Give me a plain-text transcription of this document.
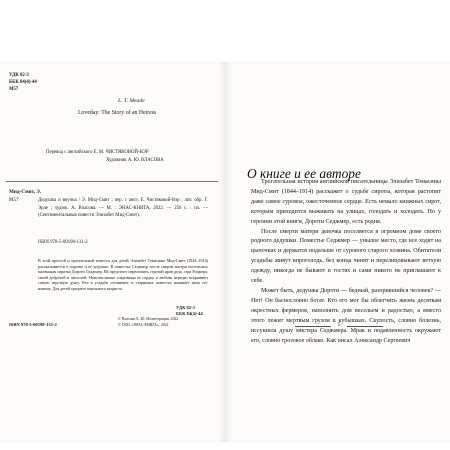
УДК 82-3
ББК 84(4)-44
М57
L. T. Meade
Loveday: The Story of an Heiress
Перевод с английского Е. М. ЧИСТЯКОВОЙ-ВЭР
Художник А. Ю. ВЛАСОВА
Мид-Смит, Э.
М57	Дедушка и внучка / Э. Мид-Смит ; пер. с англ. Е. Чистяковой-Вэр ; лит. обр. Г. Эрле ; худож. А. Власова. — М. : ЭНАС-КНИГА, 2022. — 256 с. : ил. — (Сентиментальные повести Элизабет Мид-Смит).
ISBN 978-5-00198-131-2
В этой простой и трогательной повести для детей Элизабет Томасины Мид-Смит (1844–1914) рассказывается о сиротке и ее дедушке. В поместье Седжмур после смерти матери поселилась маленькая сиротка Дороти Седжмер. Ей предстоит переломить строгий нрав деда, сэра Роджера, своей добротой и чистотой. Неисчислимые сокровища ее сердца и любовь нередко вскрывают самую черствую душу. Все в усадьбе оттаивают, и старинное поместье начинает жить по-новому. Для детей среднего школьного возраста.
УДК 82-3
ББК 84(4)-44
ISBN 978-5-00198-131-2
© Власова А. Ю. Иллюстрации, 2022
© ООО «ЭНАС-КНИГА», 2022
О книге и ее авторе

Трогательная история английской писательницы Элизабет Томасины Мид-Смит (1844–1914) расскажет о судьбе сироты, которая растопит даже самое суровое, ожесточенное сердце. Есть немало книжных сирот, которым приходится выживать на улицах, голодать и холодать. Но у героини этой книги, Дороти Седжмер, есть родня.

После смерти матери девочка поселяется в огромном доме своего родного дедушки. Поместье Седжмер — унылое место, где все ходят на цыпочках и держатся подальше от сурового старого хозяина. Обитатели усадьбы живут впроголодь, без конца чинят и перелицовывают ветхую одежду, никогда не бывают в гостях и сами никого не приглашают к себе.

Может быть, дедушка Дороти — бедный, разорившийся человек? — Нет! Он баснословно богат. Кто его мог бы облегчить жизнь десяткам окрестных фермеров, наполнить дом весельем и радостью, а вместо этого лежит мертвым грузом в кубышках. Скупость, словно болезнь, иссушила душу мистера Седжмера. Мрак и подавленность окружают его, словно грозовое облако. Как писал Александр Сергеевич

5
